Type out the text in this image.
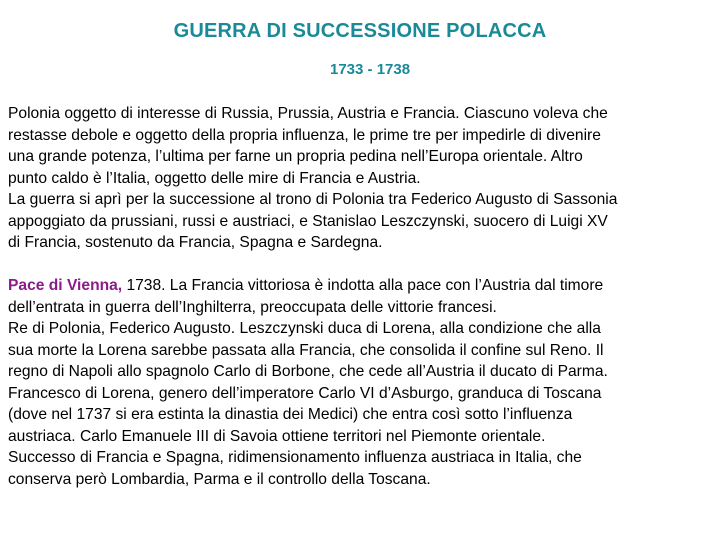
GUERRA DI SUCCESSIONE POLACCA
1733 - 1738

Polonia oggetto di interesse di Russia, Prussia, Austria e Francia. Ciascuno voleva che
restasse debole e oggetto della propria influenza, le prime tre per impedirle di divenire
una grande potenza, l’ultima per farne un propria pedina nell’Europa orientale. Altro
punto caldo è l’Italia, oggetto delle mire di Francia e Austria.

La guerra si aprì per la successione al trono di Polonia tra Federico Augusto di Sassonia
appoggiato da prussiani, russi e austriaci, e Stanislao Leszczynski, suocero di Luigi XV
di Francia, sostenuto da Francia, Spagna e Sardegna.

Pace di Vienna, 1738. La Francia vittoriosa è indotta alla pace con l’Austria dal timore
dell’entrata in guerra dell’Inghilterra, preoccupata delle vittorie francesi.

Re di Polonia, Federico Augusto. Leszczynski duca di Lorena, alla condizione che alla
sua morte la Lorena sarebbe passata alla Francia, che consolida il confine sul Reno. Il
regno di Napoli allo spagnolo Carlo di Borbone, che cede all’Austria il ducato di Parma.

Francesco di Lorena, genero dell’imperatore Carlo VI d’Asburgo, granduca di Toscana
(dove nel 1737 si era estinta la dinastia dei Medici) che entra così sotto l’influenza
austriaca. Carlo Emanuele III di Savoia ottiene territori nel Piemonte orientale.

Successo di Francia e Spagna, ridimensionamento influenza austriaca in Italia, che
conserva però Lombardia, Parma e il controllo della Toscana.
